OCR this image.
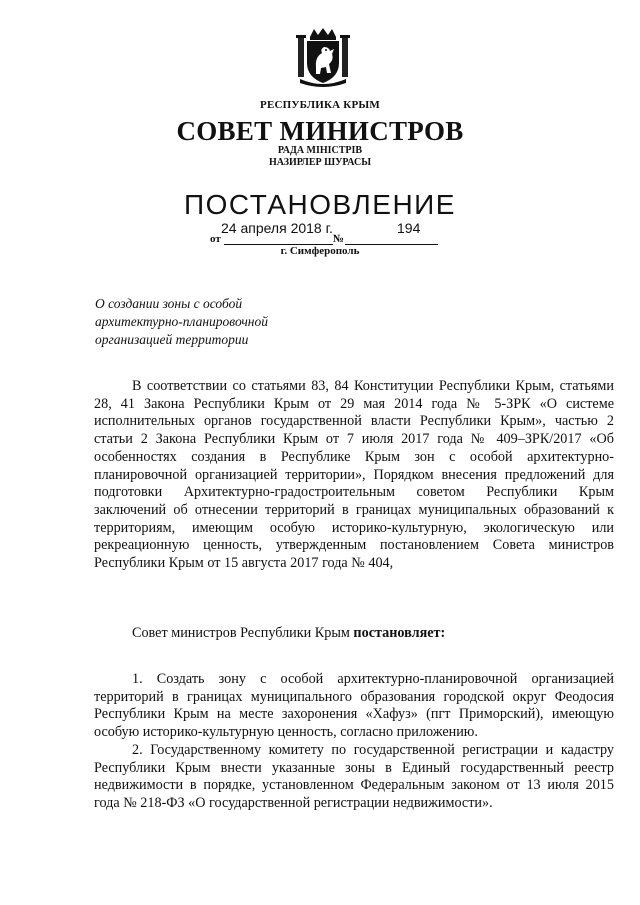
РЕСПУБЛИКА КРЫМ
СОВЕТ МИНИСТРОВ
РАДА МIНIСТРIВ
НАЗИРЛЕР ШУРАСЫ
ПОСТАНОВЛЕНИЕ
24 апреля 2018 г.
от
194
№
г. Симферополь
О создании зоны с особой
архитектурно-планировочной
организацией территории
В соответствии со статьями 83, 84 Конституции Республики Крым, статьями 28, 41 Закона Республики Крым от 29 мая 2014 года № 5-ЗРК «О системе исполнительных органов государственной власти Республики Крым», частью 2 статьи 2 Закона Республики Крым от 7 июля 2017 года № 409–ЗРК/2017 «Об особенностях создания в Республике Крым зон с особой архитектурно-планировочной организацией территории», Порядком внесения предложений для подготовки Архитектурно-градостроительным советом Республики Крым заключений об отнесении территорий в границах муниципальных образований к территориям, имеющим особую историко-культурную, экологическую или рекреационную ценность, утвержденным постановлением Совета министров Республики Крым от 15 августа 2017 года № 404,
Совет министров Республики Крым постановляет:
1. Создать зону с особой архитектурно-планировочной организацией территорий в границах муниципального образования городской округ Феодосия Республики Крым на месте захоронения «Хафуз» (пгт Приморский), имеющую особую историко-культурную ценность, согласно приложению.
2. Государственному комитету по государственной регистрации и кадастру Республики Крым внести указанные зоны в Единый государственный реестр недвижимости в порядке, установленном Федеральным законом от 13 июля 2015 года № 218-ФЗ «О государственной регистрации недвижимости».
